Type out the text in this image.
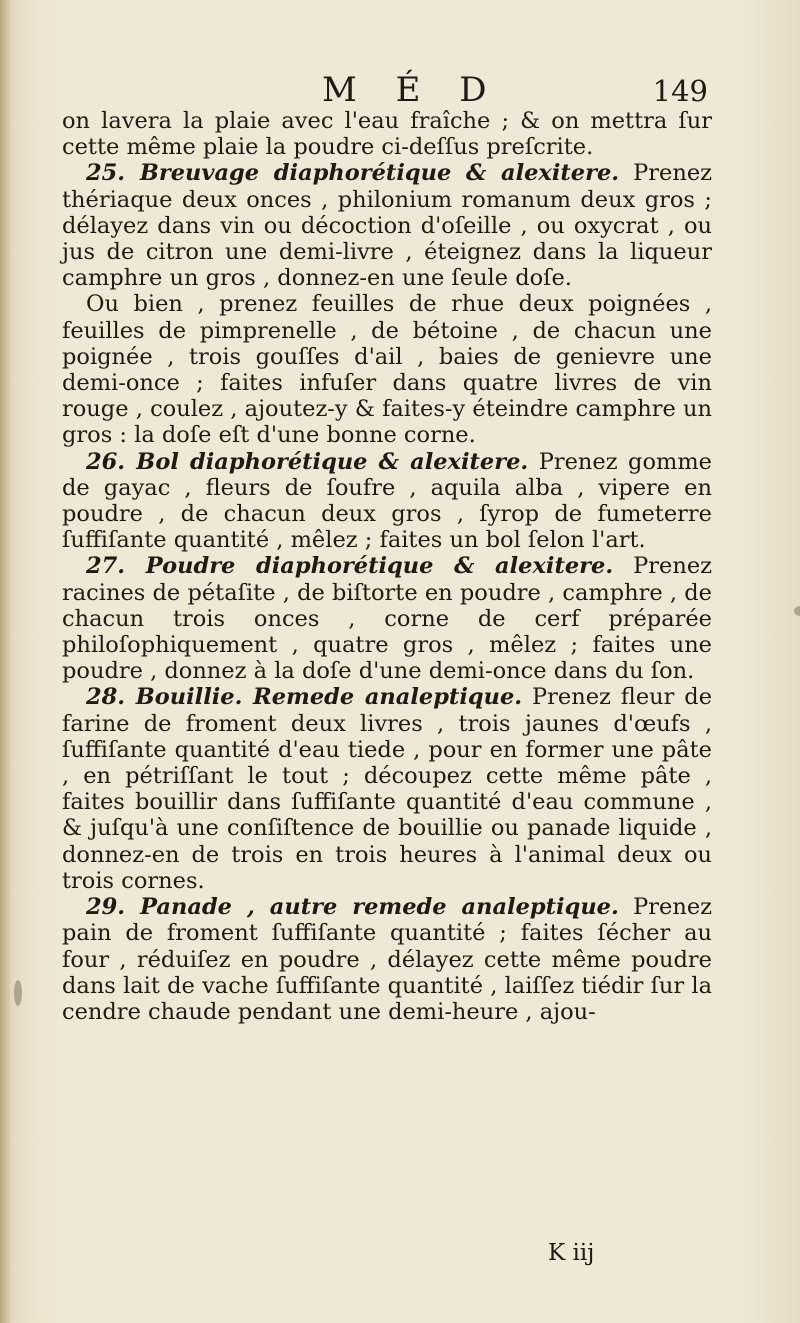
M É D	149

on lavera la plaie avec l'eau fraîche ; & on mettra ſur cette même plaie la poudre ci-deſſus preſcrite.

25. Breuvage diaphorétique & alexitere. Prenez thériaque deux onces , philonium romanum deux gros ; délayez dans vin ou décoction d'oſeille , ou oxycrat , ou jus de citron une demi-livre , éteignez dans la liqueur camphre un gros , donnez-en une ſeule doſe.

Ou bien , prenez feuilles de rhue deux poignées , feuilles de pimprenelle , de bétoine , de chacun une poignée , trois gouſſes d'ail , baies de genievre une demi-once ; faites infuſer dans quatre livres de vin rouge , coulez , ajoutez-y & faites-y éteindre camphre un gros : la doſe eſt d'une bonne corne.

26. Bol diaphorétique & alexitere. Prenez gomme de gayac , fleurs de ſoufre , aquila alba , vipere en poudre , de chacun deux gros , ſyrop de fumeterre ſuffiſante quantité , mêlez ; faites un bol ſelon l'art.

27. Poudre diaphorétique & alexitere. Prenez racines de pétaſite , de biſtorte en poudre , camphre , de chacun trois onces , corne de cerf préparée philoſophiquement , quatre gros , mêlez ; faites une poudre , donnez à la doſe d'une demi-once dans du ſon.

28. Bouillie. Remede analeptique. Prenez fleur de farine de froment deux livres , trois jaunes d'œufs , ſuffiſante quantité d'eau tiede , pour en former une pâte , en pétriſſant le tout ; découpez cette même pâte , faites bouillir dans ſuffiſante quantité d'eau commune , & juſqu'à une conſiſtence de bouillie ou panade liquide , donnez-en de trois en trois heures à l'animal deux ou trois cornes.

29. Panade , autre remede analeptique. Prenez pain de froment ſuffiſante quantité ; faites ſécher au four , réduiſez en poudre , délayez cette même poudre dans lait de vache ſuffiſante quantité , laiſſez tiédir ſur la cendre chaude pendant une demi-heure , ajou-

K iij
